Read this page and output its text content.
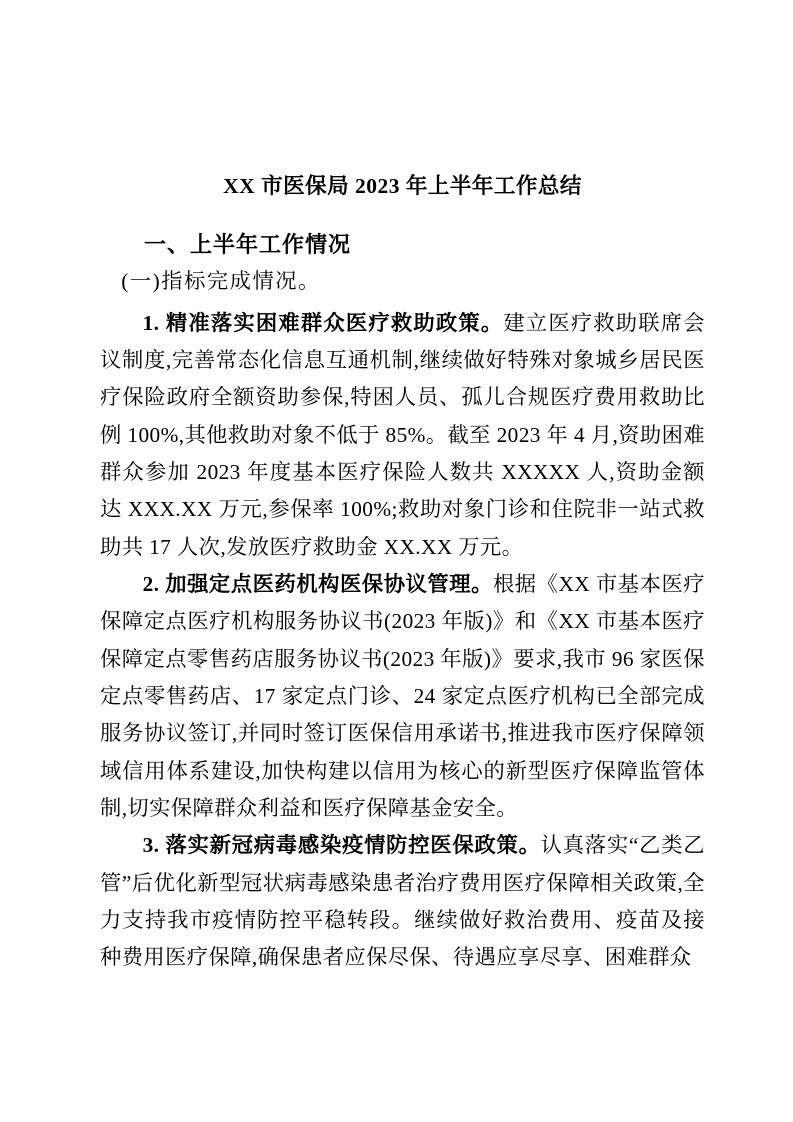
XX 市医保局 2023 年上半年工作总结
一、上半年工作情况
(一)指标完成情况。

1. 精准落实困难群众医疗救助政策。建立医疗救助联席会议制度,完善常态化信息互通机制,继续做好特殊对象城乡居民医疗保险政府全额资助参保,特困人员、孤儿合规医疗费用救助比例 100%,其他救助对象不低于 85%。截至 2023 年 4 月,资助困难群众参加 2023 年度基本医疗保险人数共 XXXXX 人,资助金额达 XXX.XX 万元,参保率 100%;救助对象门诊和住院非一站式救助共 17 人次,发放医疗救助金 XX.XX 万元。

2. 加强定点医药机构医保协议管理。根据《XX 市基本医疗保障定点医疗机构服务协议书(2023 年版)》和《XX 市基本医疗保障定点零售药店服务协议书(2023 年版)》要求,我市 96 家医保定点零售药店、17 家定点门诊、24 家定点医疗机构已全部完成服务协议签订,并同时签订医保信用承诺书,推进我市医疗保障领域信用体系建设,加快构建以信用为核心的新型医疗保障监管体制,切实保障群众利益和医疗保障基金安全。

3. 落实新冠病毒感染疫情防控医保政策。认真落实“乙类乙管”后优化新型冠状病毒感染患者治疗费用医疗保障相关政策,全力支持我市疫情防控平稳转段。继续做好救治费用、疫苗及接种费用医疗保障,确保患者应保尽保、待遇应享尽享、困难群众
